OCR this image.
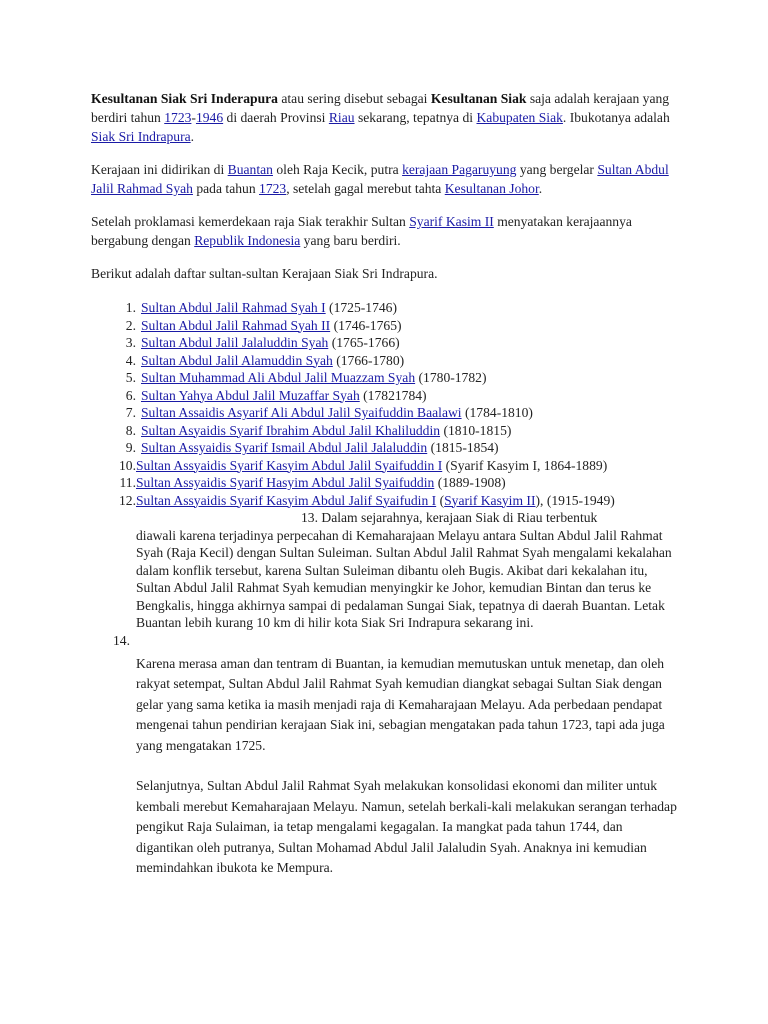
Kesultanan Siak Sri Inderapura atau sering disebut sebagai Kesultanan Siak saja adalah kerajaan yang berdiri tahun 1723-1946 di daerah Provinsi Riau sekarang, tepatnya di Kabupaten Siak. Ibukotanya adalah Siak Sri Indrapura.

Kerajaan ini didirikan di Buantan oleh Raja Kecik, putra kerajaan Pagaruyung yang bergelar Sultan Abdul Jalil Rahmad Syah pada tahun 1723, setelah gagal merebut tahta Kesultanan Johor.

Setelah proklamasi kemerdekaan raja Siak terakhir Sultan Syarif Kasim II menyatakan kerajaannya bergabung dengan Republik Indonesia yang baru berdiri.

Berikut adalah daftar sultan-sultan Kerajaan Siak Sri Indrapura.

1. Sultan Abdul Jalil Rahmad Syah I (1725-1746)
2. Sultan Abdul Jalil Rahmad Syah II (1746-1765)
3. Sultan Abdul Jalil Jalaluddin Syah (1765-1766)
4. Sultan Abdul Jalil Alamuddin Syah (1766-1780)
5. Sultan Muhammad Ali Abdul Jalil Muazzam Syah (1780-1782)
6. Sultan Yahya Abdul Jalil Muzaffar Syah (17821784)
7. Sultan Assaidis Asyarif Ali Abdul Jalil Syaifuddin Baalawi (1784-1810)
8. Sultan Asyaidis Syarif Ibrahim Abdul Jalil Khaliluddin (1810-1815)
9. Sultan Assyaidis Syarif Ismail Abdul Jalil Jalaluddin (1815-1854)
10. Sultan Assyaidis Syarif Kasyim Abdul Jalil Syaifuddin I (Syarif Kasyim I, 1864-1889)
11. Sultan Assyaidis Syarif Hasyim Abdul Jalil Syaifuddin (1889-1908)
12. Sultan Assyaidis Syarif Kasyim Abdul Jalif Syaifudin I (Syarif Kasyim II), (1915-1949)
13. Dalam sejarahnya, kerajaan Siak di Riau terbentuk
diawali karena terjadinya perpecahan di Kemaharajaan Melayu antara Sultan Abdul Jalil Rahmat Syah (Raja Kecil) dengan Sultan Suleiman. Sultan Abdul Jalil Rahmat Syah mengalami kekalahan dalam konflik tersebut, karena Sultan Suleiman dibantu oleh Bugis. Akibat dari kekalahan itu, Sultan Abdul Jalil Rahmat Syah kemudian menyingkir ke Johor, kemudian Bintan dan terus ke Bengkalis, hingga akhirnya sampai di pedalaman Sungai Siak, tepatnya di daerah Buantan. Letak Buantan lebih kurang 10 km di hilir kota Siak Sri Indrapura sekarang ini.
14.

Karena merasa aman dan tentram di Buantan, ia kemudian memutuskan untuk menetap, dan oleh rakyat setempat, Sultan Abdul Jalil Rahmat Syah kemudian diangkat sebagai Sultan Siak dengan gelar yang sama ketika ia masih menjadi raja di Kemaharajaan Melayu. Ada perbedaan pendapat mengenai tahun pendirian kerajaan Siak ini, sebagian mengatakan pada tahun 1723, tapi ada juga yang mengatakan 1725.

Selanjutnya, Sultan Abdul Jalil Rahmat Syah melakukan konsolidasi ekonomi dan militer untuk kembali merebut Kemaharajaan Melayu. Namun, setelah berkali-kali melakukan serangan terhadap pengikut Raja Sulaiman, ia tetap mengalami kegagalan. Ia mangkat pada tahun 1744, dan digantikan oleh putranya, Sultan Mohamad Abdul Jalil Jalaludin Syah. Anaknya ini kemudian memindahkan ibukota ke Mempura.
